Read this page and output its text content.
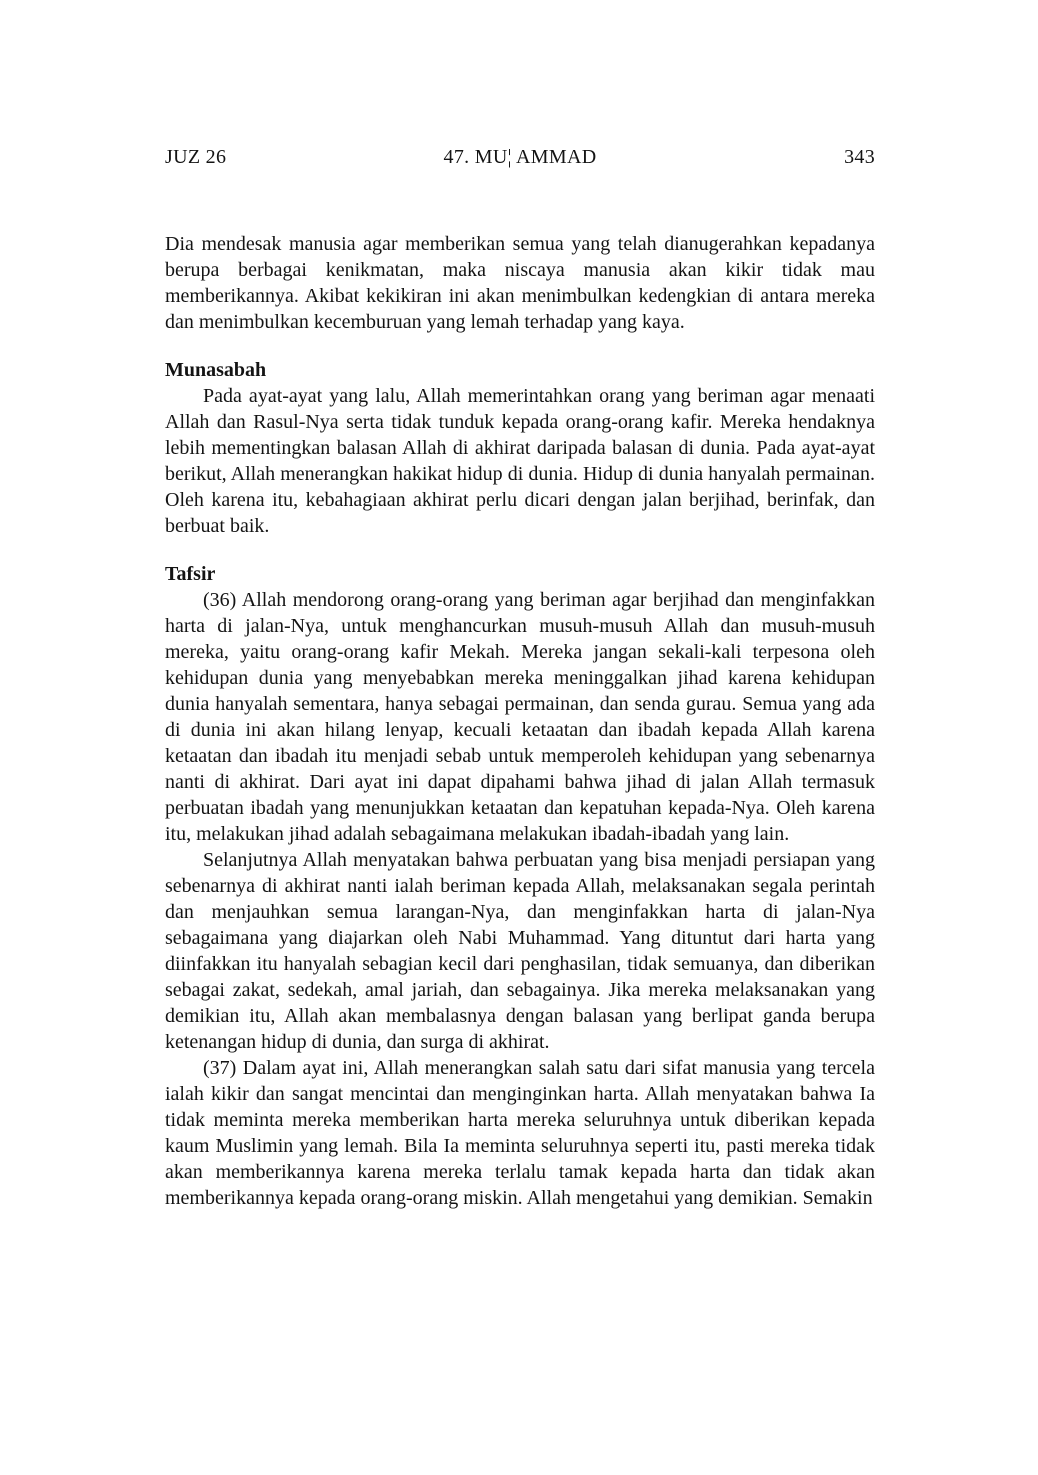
JUZ 26	47. MU¦ AMMAD	343

Dia mendesak manusia agar memberikan semua yang telah dianugerahkan kepadanya berupa berbagai kenikmatan, maka niscaya manusia akan kikir tidak mau memberikannya. Akibat kekikiran ini akan menimbulkan kedengkian di antara mereka dan menimbulkan kecemburuan yang lemah terhadap yang kaya.

Munasabah

Pada ayat-ayat yang lalu, Allah memerintahkan orang yang beriman agar menaati Allah dan Rasul-Nya serta tidak tunduk kepada orang-orang kafir. Mereka hendaknya lebih mementingkan balasan Allah di akhirat daripada balasan di dunia. Pada ayat-ayat berikut, Allah menerangkan hakikat hidup di dunia. Hidup di dunia hanyalah permainan. Oleh karena itu, kebahagiaan akhirat perlu dicari dengan jalan berjihad, berinfak, dan berbuat baik.

Tafsir

(36) Allah mendorong orang-orang yang beriman agar berjihad dan menginfakkan harta di jalan-Nya, untuk menghancurkan musuh-musuh Allah dan musuh-musuh mereka, yaitu orang-orang kafir Mekah. Mereka jangan sekali-kali terpesona oleh kehidupan dunia yang menyebabkan mereka meninggalkan jihad karena kehidupan dunia hanyalah sementara, hanya sebagai permainan, dan senda gurau. Semua yang ada di dunia ini akan hilang lenyap, kecuali ketaatan dan ibadah kepada Allah karena ketaatan dan ibadah itu menjadi sebab untuk memperoleh kehidupan yang sebenarnya nanti di akhirat. Dari ayat ini dapat dipahami bahwa jihad di jalan Allah termasuk perbuatan ibadah yang menunjukkan ketaatan dan kepatuhan kepada-Nya. Oleh karena itu, melakukan jihad adalah sebagaimana melakukan ibadah-ibadah yang lain.

Selanjutnya Allah menyatakan bahwa perbuatan yang bisa menjadi persiapan yang sebenarnya di akhirat nanti ialah beriman kepada Allah, melaksanakan segala perintah dan menjauhkan semua larangan-Nya, dan menginfakkan harta di jalan-Nya sebagaimana yang diajarkan oleh Nabi Muhammad. Yang dituntut dari harta yang diinfakkan itu hanyalah sebagian kecil dari penghasilan, tidak semuanya, dan diberikan sebagai zakat, sedekah, amal jariah, dan sebagainya. Jika mereka melaksanakan yang demikian itu, Allah akan membalasnya dengan balasan yang berlipat ganda berupa ketenangan hidup di dunia, dan surga di akhirat.

(37) Dalam ayat ini, Allah menerangkan salah satu dari sifat manusia yang tercela ialah kikir dan sangat mencintai dan menginginkan harta. Allah menyatakan bahwa Ia tidak meminta mereka memberikan harta mereka seluruhnya untuk diberikan kepada kaum Muslimin yang lemah. Bila Ia meminta seluruhnya seperti itu, pasti mereka tidak akan memberikannya karena mereka terlalu tamak kepada harta dan tidak akan memberikannya kepada orang-orang miskin. Allah mengetahui yang demikian. Semakin
